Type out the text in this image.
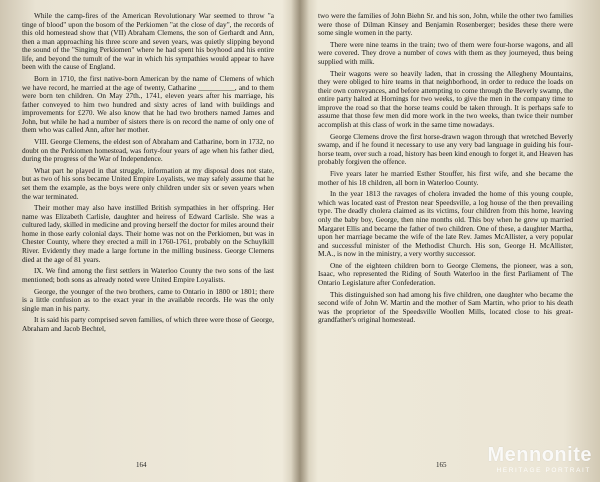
While the camp-fires of the American Revolutionary War seemed to throw "a tinge of blood" upon the bosom of the Perkiomen "at the close of day", the records of this old homestead show that (VII) Abraham Clemens, the son of Gerhardt and Ann, then a man approaching his three score and seven years, was quietly slipping beyond the sound of the "Singing Perkiomen" where he had spent his boyhood and his entire life, and beyond the tumult of the war in which his sympathies would appear to have been with the cause of England.

Born in 1710, the first native-born American by the name of Clemens of which we have record, he married at the age of twenty, Catharine __________, and to them were born ten children. On May 27th., 1741, eleven years after his marriage, his father conveyed to him two hundred and sixty acres of land with buildings and improvements for £270. We also know that he had two brothers named James and John, but while he had a number of sisters there is on record the name of only one of them who was called Ann, after her mother.

VIII. George Clemens, the eldest son of Abraham and Catharine, born in 1732, no doubt on the Perkiomen homestead, was forty-four years of age when his father died, during the progress of the War of Independence.

What part he played in that struggle, information at my disposal does not state, but as two of his sons became United Empire Loyalists, we may safely assume that he set them the example, as the boys were only children under six or seven years when the war terminated.

Their mother may also have instilled British sympathies in her offspring. Her name was Elizabeth Carlisle, daughter and heiress of Edward Carlisle. She was a cultured lady, skilled in medicine and proving herself the doctor for miles around their home in those early colonial days. Their home was not on the Perkiomen, but was in Chester County, where they erected a mill in 1760-1761, probably on the Schuylkill River. Evidently they made a large fortune in the milling business. George Clemens died at the age of 81 years.

IX. We find among the first settlers in Waterloo County the two sons of the last mentioned; both sons as already noted were United Empire Loyalists.

George, the younger of the two brothers, came to Ontario in 1800 or 1801; there is a little confusion as to the exact year in the available records. He was the only single man in his party.

It is said his party comprised seven families, of which three were those of George, Abraham and Jacob Bechtel,

164

two were the families of John Biehn Sr. and his son, John, while the other two families were those of Dilman Kinsey and Benjamin Rosenberger; besides these there were some single women in the party.

There were nine teams in the train; two of them were four-horse wagons, and all were covered. They drove a number of cows with them as they journeyed, thus being supplied with milk.

Their wagons were so heavily laden, that in crossing the Allegheny Mountains, they were obliged to hire teams in that neighborhood, in order to reduce the loads on their own conveyances, and before attempting to come through the Beverly swamp, the entire party halted at Hornings for two weeks, to give the men in the company time to improve the road so that the horse teams could be taken through. It is perhaps safe to assume that those few men did more work in the two weeks, than twice their number accomplish at this class of work in the same time nowadays.

George Clemens drove the first horse-drawn wagon through that wretched Beverly swamp, and if he found it necessary to use any very bad language in guiding his four-horse team, over such a road, history has been kind enough to forget it, and Heaven has probably forgiven the offence.

Five years later he married Esther Stouffer, his first wife, and she became the mother of his 18 children, all born in Waterloo County.

In the year 1813 the ravages of cholera invaded the home of this young couple, which was located east of Preston near Speedsville, a log house of the then prevailing type. The deadly cholera claimed as its victims, four children from this home, leaving only the baby boy, George, then nine months old. This boy when he grew up married Margaret Ellis and became the father of two children. One of these, a daughter Martha, upon her marriage became the wife of the late Rev. James McAllister, a very popular and successful minister of the Methodist Church. His son, George H. McAllister, M.A., is now in the ministry, a very worthy successor.

One of the eighteen children born to George Clemens, the pioneer, was a son, Isaac, who represented the Riding of South Waterloo in the first Parliament of The Ontario Legislature after Confederation.

This distinguished son had among his five children, one daughter who became the second wife of John W. Martin and the mother of Sam Martin, who prior to his death was the proprietor of the Speedsville Woollen Mills, located close to his great-grandfather's original homestead.

165 Mennonite
HERITAGE PORTRAIT
